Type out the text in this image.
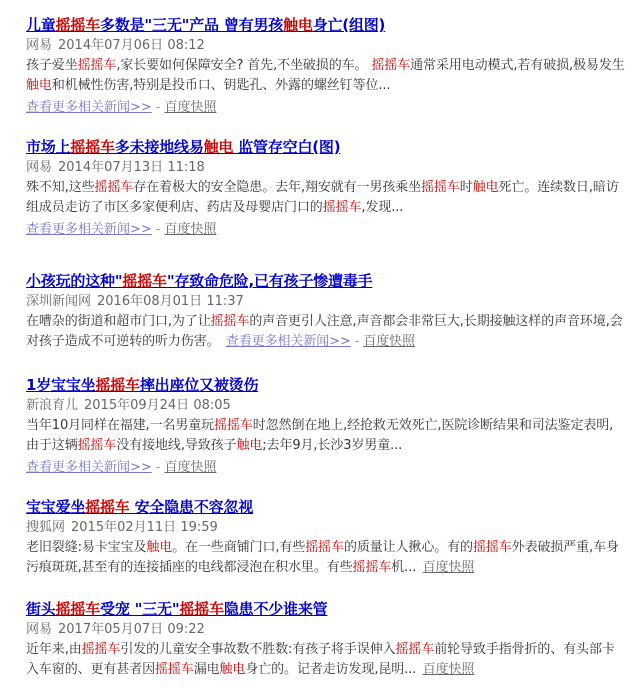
儿童摇摇车多数是"三无"产品 曾有男孩触电身亡(组图)
网易 2014年07月06日 08:12

孩子爱坐摇摇车,家长要如何保障安全? 首先,不坐破损的车。 摇摇车通常采用电动模式,若有破损,极易发生触电和机械性伤害,特别是投币口、钥匙孔、外露的螺丝钉等位...

查看更多相关新闻>> - 百度快照
市场上摇摇车多未接地线易触电 监管存空白(图)
网易 2014年07月13日 11:18

殊不知,这些摇摇车存在着极大的安全隐患。去年,翔安就有一男孩乘坐摇摇车时触电死亡。连续数日,暗访组成员走访了市区多家便利店、药店及母婴店门口的摇摇车,发现...

查看更多相关新闻>> - 百度快照
小孩玩的这种"摇摇车"存致命危险,已有孩子惨遭毒手
深圳新闻网 2016年08月01日 11:37

在嘈杂的街道和超市门口,为了让摇摇车的声音更引人注意,声音都会非常巨大,长期接触这样的声音环境,会对孩子造成不可逆转的听力伤害。  查看更多相关新闻>> - 百度快照

1岁宝宝坐摇摇车摔出座位又被烫伤
新浪育儿 2015年09月24日 08:05

当年10月同样在福建,一名男童玩摇摇车时忽然倒在地上,经抢救无效死亡,医院诊断结果和司法鉴定表明,由于这辆摇摇车没有接地线,导致孩子触电;去年9月,长沙3岁男童...

查看更多相关新闻>> - 百度快照
宝宝爱坐摇摇车 安全隐患不容忽视
搜狐网 2015年02月11日 19:59

老旧裂缝:易卡宝宝及触电。在一些商铺门口,有些摇摇车的质量让人揪心。有的摇摇车外表破损严重,车身污痕斑斑,甚至有的连接插座的电线都浸泡在积水里。有些摇摇车机...  百度快照

街头摇摇车受宠 "三无"摇摇车隐患不少谁来管
网易 2017年05月07日 09:22

近年来,由摇摇车引发的儿童安全事故数不胜数:有孩子将手误伸入摇摇车前轮导致手指骨折的、有头部卡入车窗的、更有甚者因摇摇车漏电触电身亡的。记者走访发现,昆明...  百度快照
